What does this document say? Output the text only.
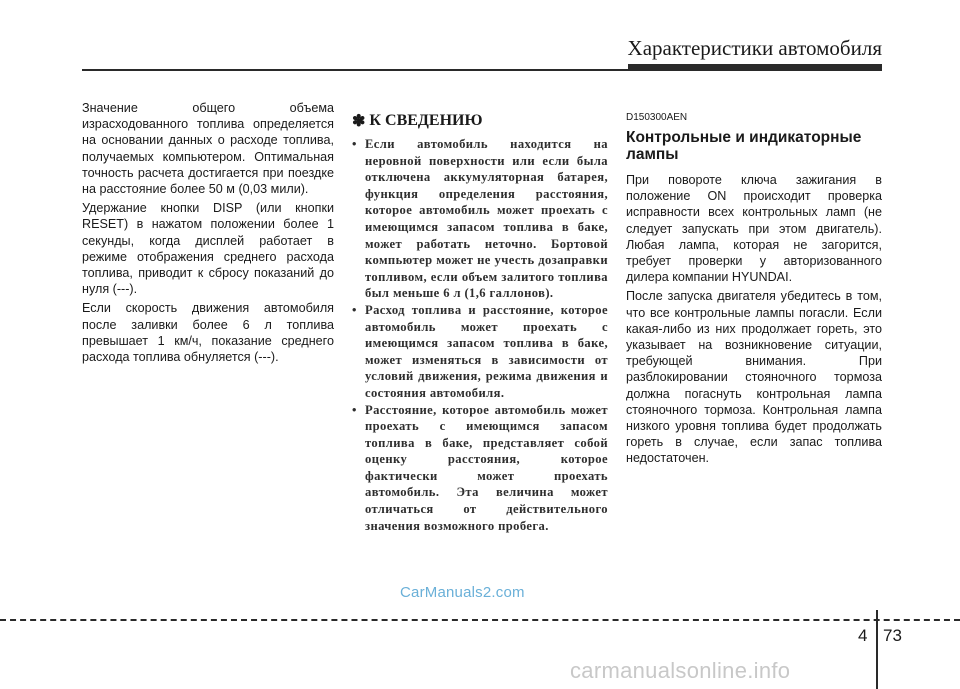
Характеристики автомобиля

Значение общего объема израсходованного топлива определяется на основании данных о расходе топлива, получаемых компьютером. Оптимальная точность расчета достигается при поездке на расстояние более 50 м (0,03 мили).

Удержание кнопки DISP (или кнопки RESET) в нажатом положении более 1 секунды, когда дисплей работает в режиме отображения среднего расхода топлива, приводит к сбросу показаний до нуля (---).

Если скорость движения автомобиля после заливки более 6 л топлива превышает 1 км/ч, показание среднего расхода топлива обнуляется (---).

✽ К СВЕДЕНИЮ
• Если автомобиль находится на неровной поверхности или если была отключена аккумуляторная батарея, функция определения расстояния, которое автомобиль может проехать с имеющимся запасом топлива в баке, может работать неточно. Бортовой компьютер может не учесть дозаправки топливом, если объем залитого топлива был меньше 6 л (1,6 галлонов).
• Расход топлива и расстояние, которое автомобиль может проехать с имеющимся запасом топлива в баке, может изменяться в зависимости от условий движения, режима движения и состояния автомобиля.
• Расстояние, которое автомобиль может проехать с имеющимся запасом топлива в баке, представляет собой оценку расстояния, которое фактически может проехать автомобиль. Эта величина может отличаться от действительного значения возможного пробега.
D150300AEN
Контрольные и индикаторные лампы

При повороте ключа зажигания в положение ON происходит проверка исправности всех контрольных ламп (не следует запускать при этом двигатель). Любая лампа, которая не загорится, требует проверки у авторизованного дилера компании HYUNDAI.

После запуска двигателя убедитесь в том, что все контрольные лампы погасли. Если какая-либо из них продолжает гореть, это указывает на возникновение ситуации, требующей внимания. При разблокировании стояночного тормоза должна погаснуть контрольная лампа стояночного тормоза. Контрольная лампа низкого уровня топлива будет продолжать гореть в случае, если запас топлива недостаточен.

CarManuals2.com
4 73
carmanualsonline.info
